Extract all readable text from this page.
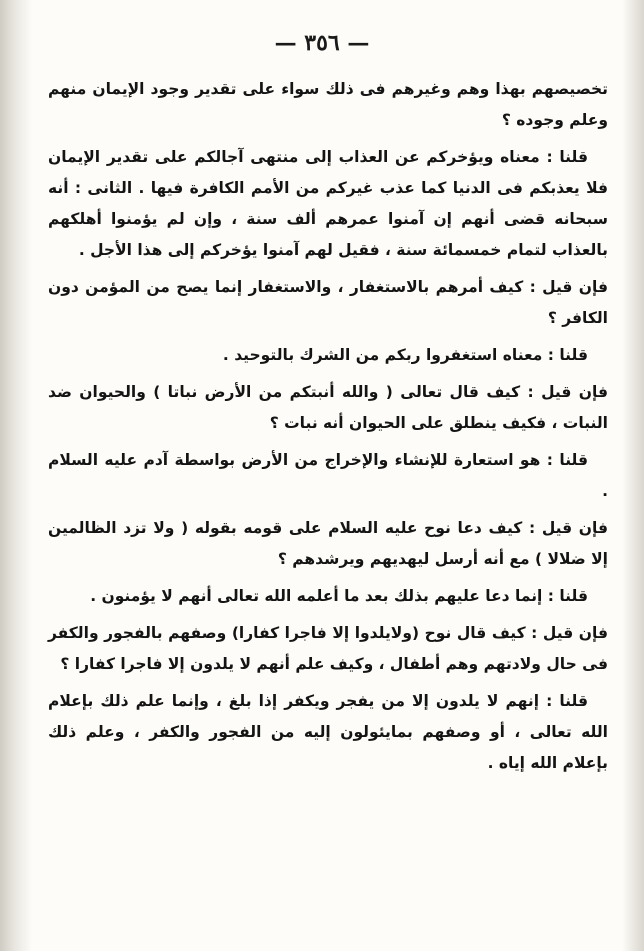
— ٣٥٦ —

تخصيصهم بهذا وهم وغيرهم فى ذلك سواء على تقدير وجود الإيمان منهم وعلم وجوده ؟

قلنا : معناه ويؤخركم عن العذاب إلى منتهى آجالكم على تقدير الإيمان فلا يعذبكم فى الدنيا كما عذب غيركم من الأمم الكافرة فيها . الثانى : أنه سبحانه قضى أنهم إن آمنوا عمرهم ألف سنة ، وإن لم يؤمنوا أهلكهم بالعذاب لتمام خمسمائة سنة ، فقيل لهم آمنوا يؤخركم إلى هذا الأجل .

فإن قيل : كيف أمرهم بالاستغفار ، والاستغفار إنما يصح من المؤمن دون الكافر ؟

قلنا : معناه استغفروا ربكم من الشرك بالتوحيد .

فإن قيل : كيف قال تعالى ( والله أنبتكم من الأرض نباتا ) والحيوان ضد النبات ، فكيف ينطلق على الحيوان أنه نبات ؟

قلنا : هو استعارة للإنشاء والإخراج من الأرض بواسطة آدم عليه السلام .

فإن قيل : كيف دعا نوح عليه السلام على قومه بقوله ( ولا تزد الظالمين إلا ضلالا ) مع أنه أرسل ليهديهم ويرشدهم ؟

قلنا : إنما دعا عليهم بذلك بعد ما أعلمه الله تعالى أنهم لا يؤمنون .

فإن قيل : كيف قال نوح (ولايلدوا إلا فاجرا كفارا) وصفهم بالفجور والكفر فى حال ولادتهم وهم أطفال ، وكيف علم أنهم لا يلدون إلا فاجرا كفارا ؟

قلنا : إنهم لا يلدون إلا من يفجر ويكفر إذا بلغ ، وإنما علم ذلك بإعلام الله تعالى ، أو وصفهم بمايئولون إليه من الفجور والكفر ، وعلم ذلك بإعلام الله إياه .
